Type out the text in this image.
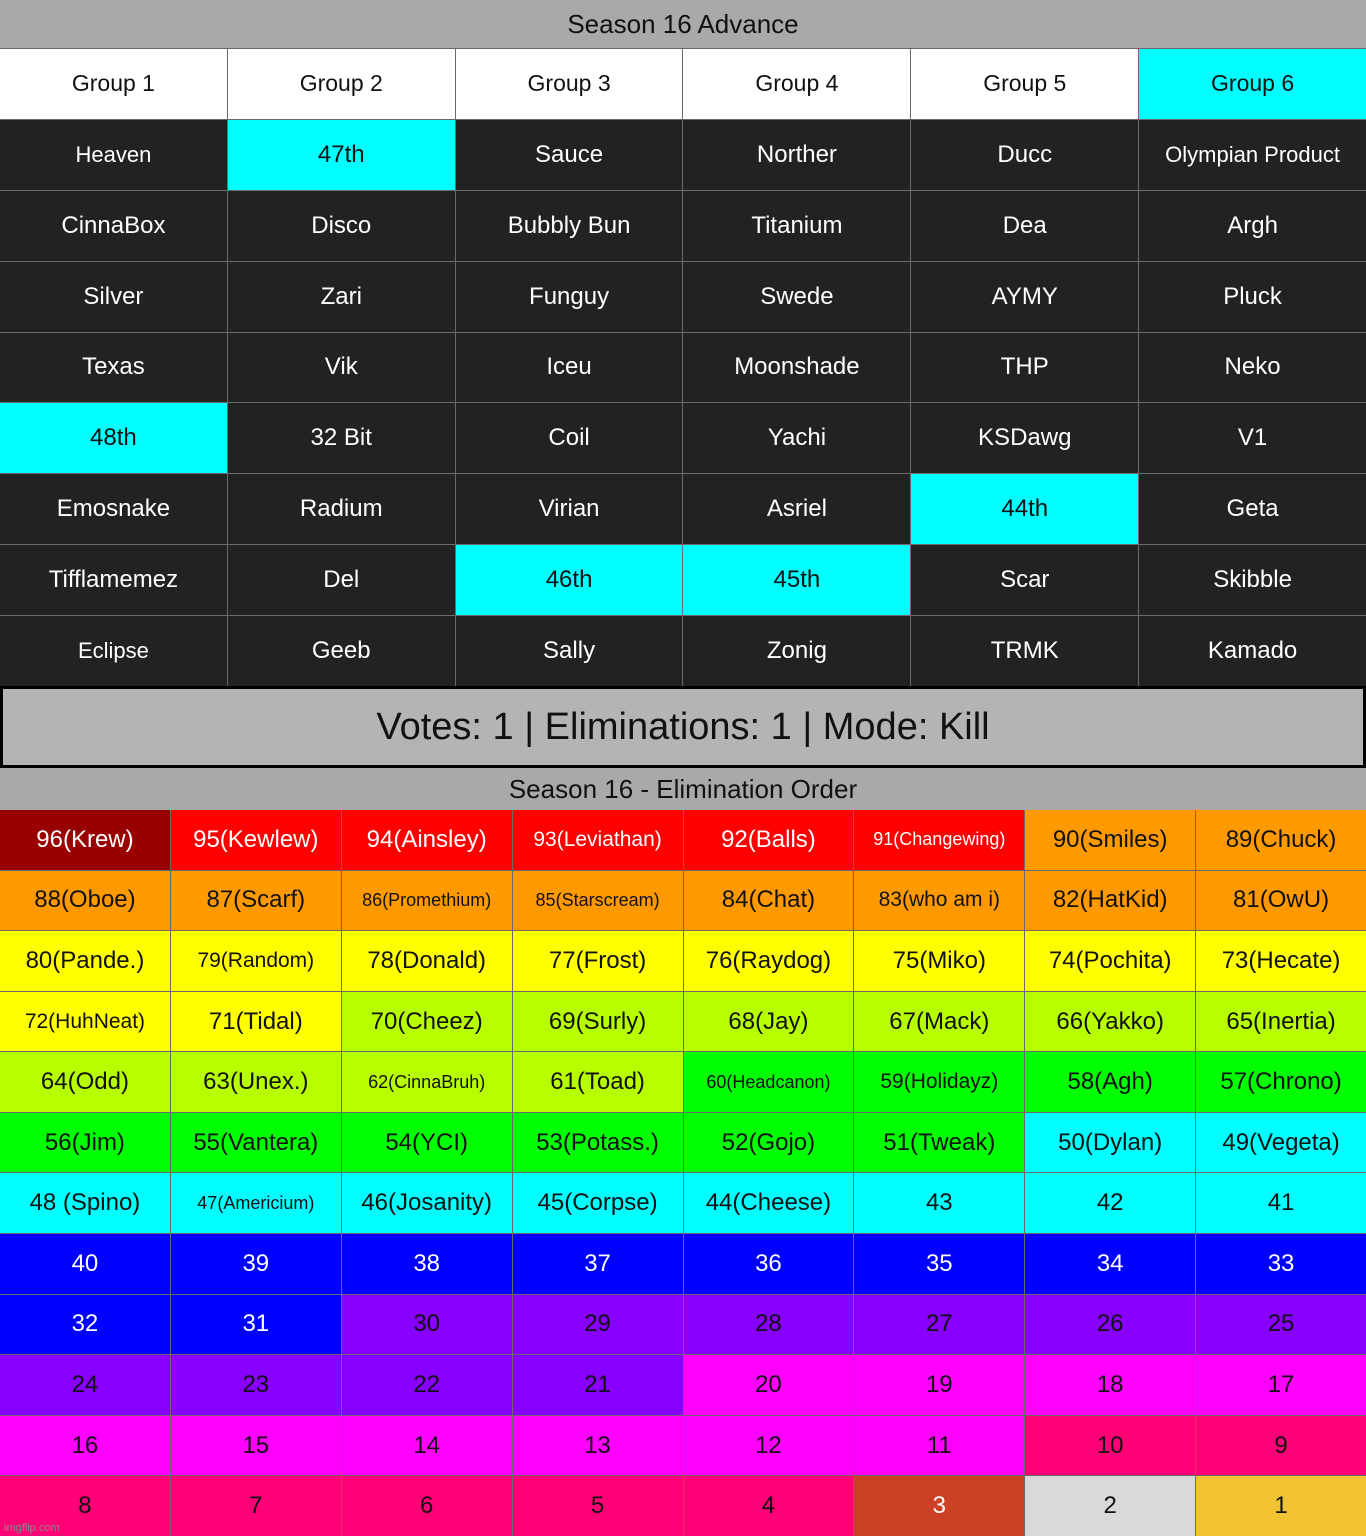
Season 16 Advance
Group 1	Group 2	Group 3	Group 4	Group 5	Group 6
Heaven	47th	Sauce	Norther	Ducc	Olympian Product
CinnaBox	Disco	Bubbly Bun	Titanium	Dea	Argh
Silver	Zari	Funguy	Swede	AYMY	Pluck
Texas	Vik	Iceu	Moonshade	THP	Neko
48th	32 Bit	Coil	Yachi	KSDawg	V1
Emosnake	Radium	Virian	Asriel	44th	Geta
Tifflamemez	Del	46th	45th	Scar	Skibble
Eclipse	Geeb	Sally	Zonig	TRMK	Kamado
Votes: 1 | Eliminations: 1 | Mode: Kill
Season 16 - Elimination Order
96(Krew)	95(Kewlew)	94(Ainsley)	93(Leviathan)	92(Balls)	91(Changewing)	90(Smiles)	89(Chuck)
88(Oboe)	87(Scarf)	86(Promethium)	85(Starscream)	84(Chat)	83(who am i)	82(HatKid)	81(OwU)
80(Pande.)	79(Random)	78(Donald)	77(Frost)	76(Raydog)	75(Miko)	74(Pochita)	73(Hecate)
72(HuhNeat)	71(Tidal)	70(Cheez)	69(Surly)	68(Jay)	67(Mack)	66(Yakko)	65(Inertia)
64(Odd)	63(Unex.)	62(CinnaBruh)	61(Toad)	60(Headcanon)	59(Holidayz)	58(Agh)	57(Chrono)
56(Jim)	55(Vantera)	54(YCI)	53(Potass.)	52(Gojo)	51(Tweak)	50(Dylan)	49(Vegeta)
48 (Spino)	47(Americium)	46(Josanity)	45(Corpse)	44(Cheese)	43	42	41
40	39	38	37	36	35	34	33
32	31	30	29	28	27	26	25
24	23	22	21	20	19	18	17
16	15	14	13	12	11	10	9
8	7	6	5	4	3	2	1
imgflip.com
